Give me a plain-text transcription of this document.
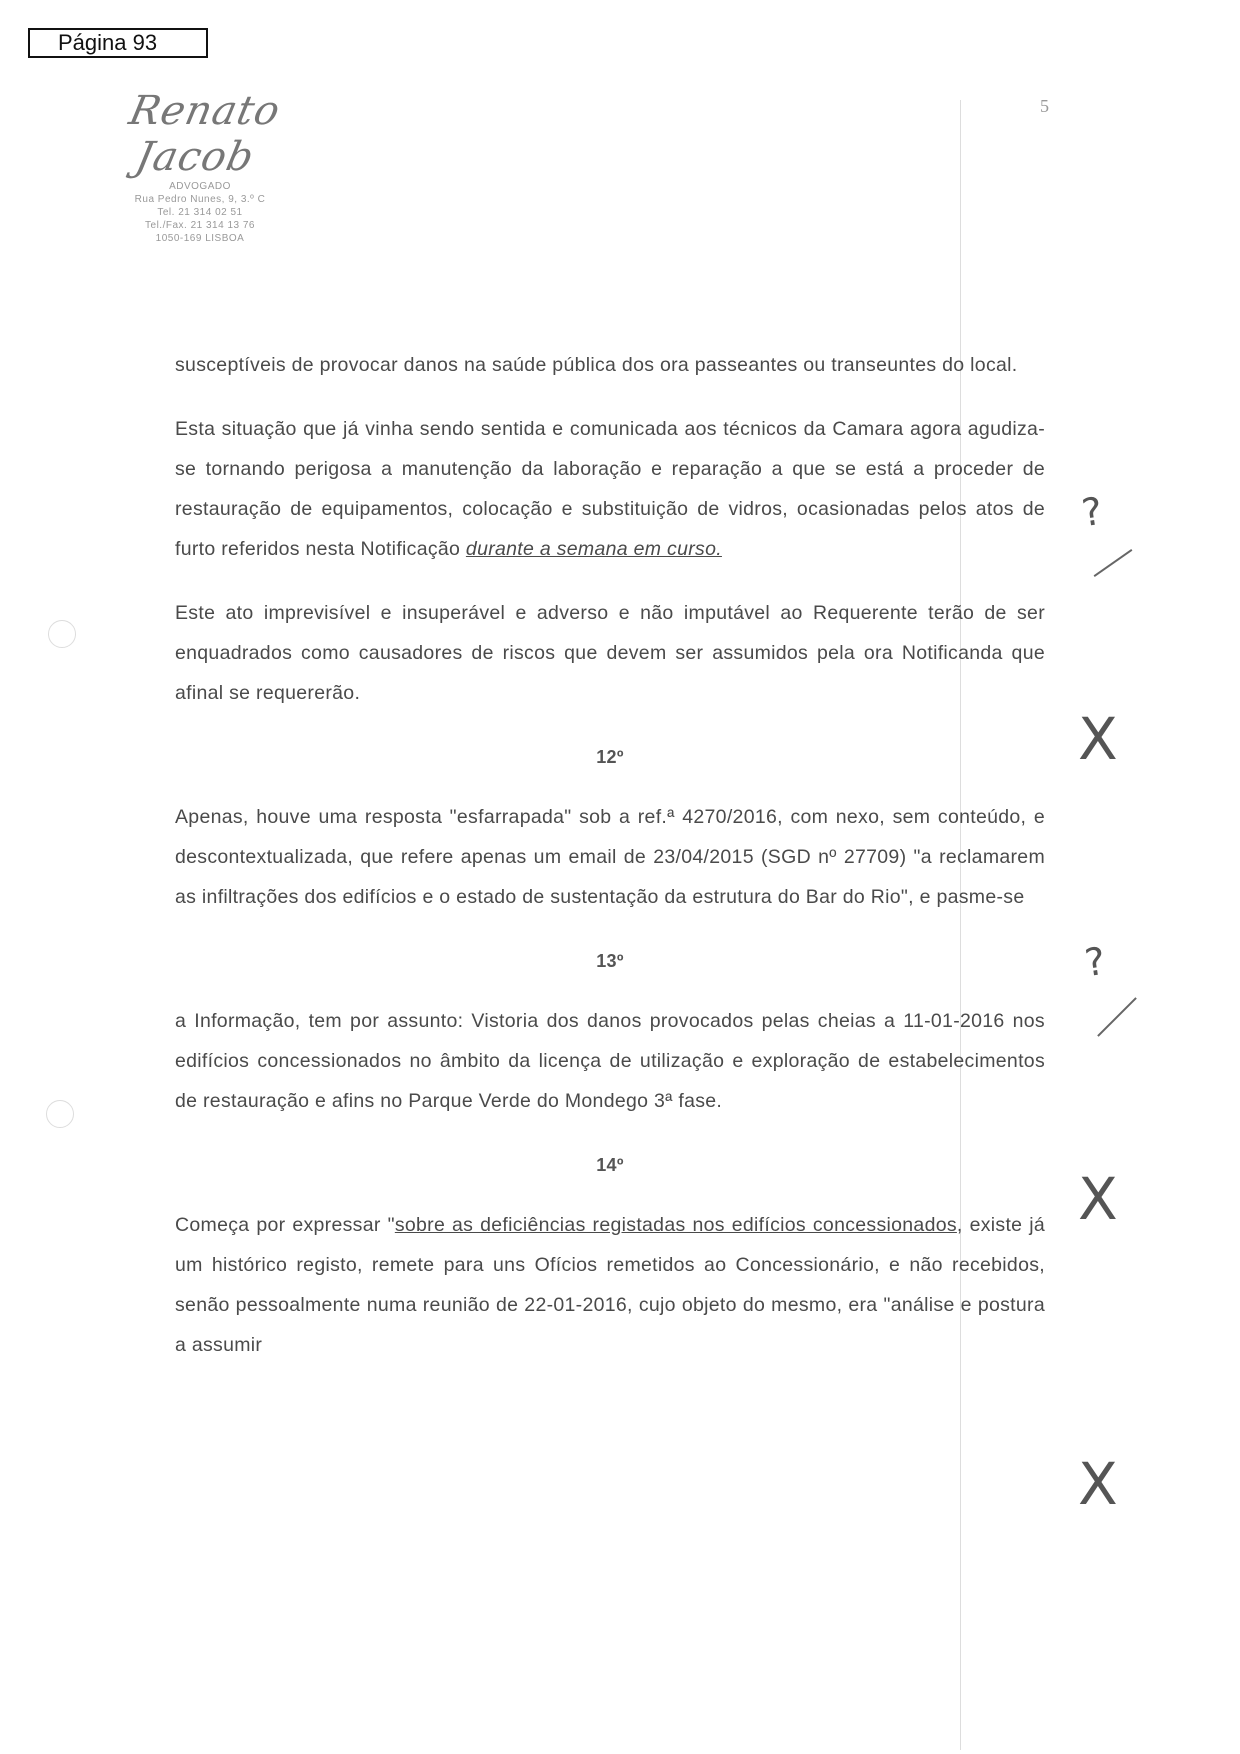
Página 93
Renato Jacob
ADVOGADO
Rua Pedro Nunes, 9, 3.º C
Tel. 21 314 02 51
Tel./Fax. 21 314 13 76
1050-169 LISBOA
5

susceptíveis de provocar danos na saúde pública dos ora passeantes ou transeuntes do local.

Esta situação que já vinha sendo sentida e comunicada aos técnicos da Camara agora agudiza-se tornando perigosa a manutenção da laboração e reparação a que se está a proceder de restauração de equipamentos, colocação e substituição de vidros, ocasionadas pelos atos de furto referidos nesta Notificação durante a semana em curso.

Este ato imprevisível e insuperável e adverso e não imputável ao Requerente terão de ser enquadrados como causadores de riscos que devem ser assumidos pela ora Notificanda que afinal se requererão.

12º

Apenas, houve uma resposta "esfarrapada" sob a ref.ª 4270/2016, com nexo, sem conteúdo, e descontextualizada, que refere apenas um email de 23/04/2015 (SGD nº 27709) "a reclamarem as infiltrações dos edifícios e o estado de sustentação da estrutura do Bar do Rio", e pasme-se

13º

a Informação, tem por assunto: Vistoria dos danos provocados pelas cheias a 11-01-2016 nos edifícios concessionados no âmbito da licença de utilização e exploração de estabelecimentos de restauração e afins no Parque Verde do Mondego 3ª fase.

14º

Começa por expressar "sobre as deficiências registadas nos edifícios concessionados, existe já um histórico registo, remete para uns Ofícios remetidos ao Concessionário, e não recebidos, senão pessoalmente numa reunião de 22-01-2016, cujo objeto do mesmo, era "análise e postura a assumir

?
X
?
X
X
